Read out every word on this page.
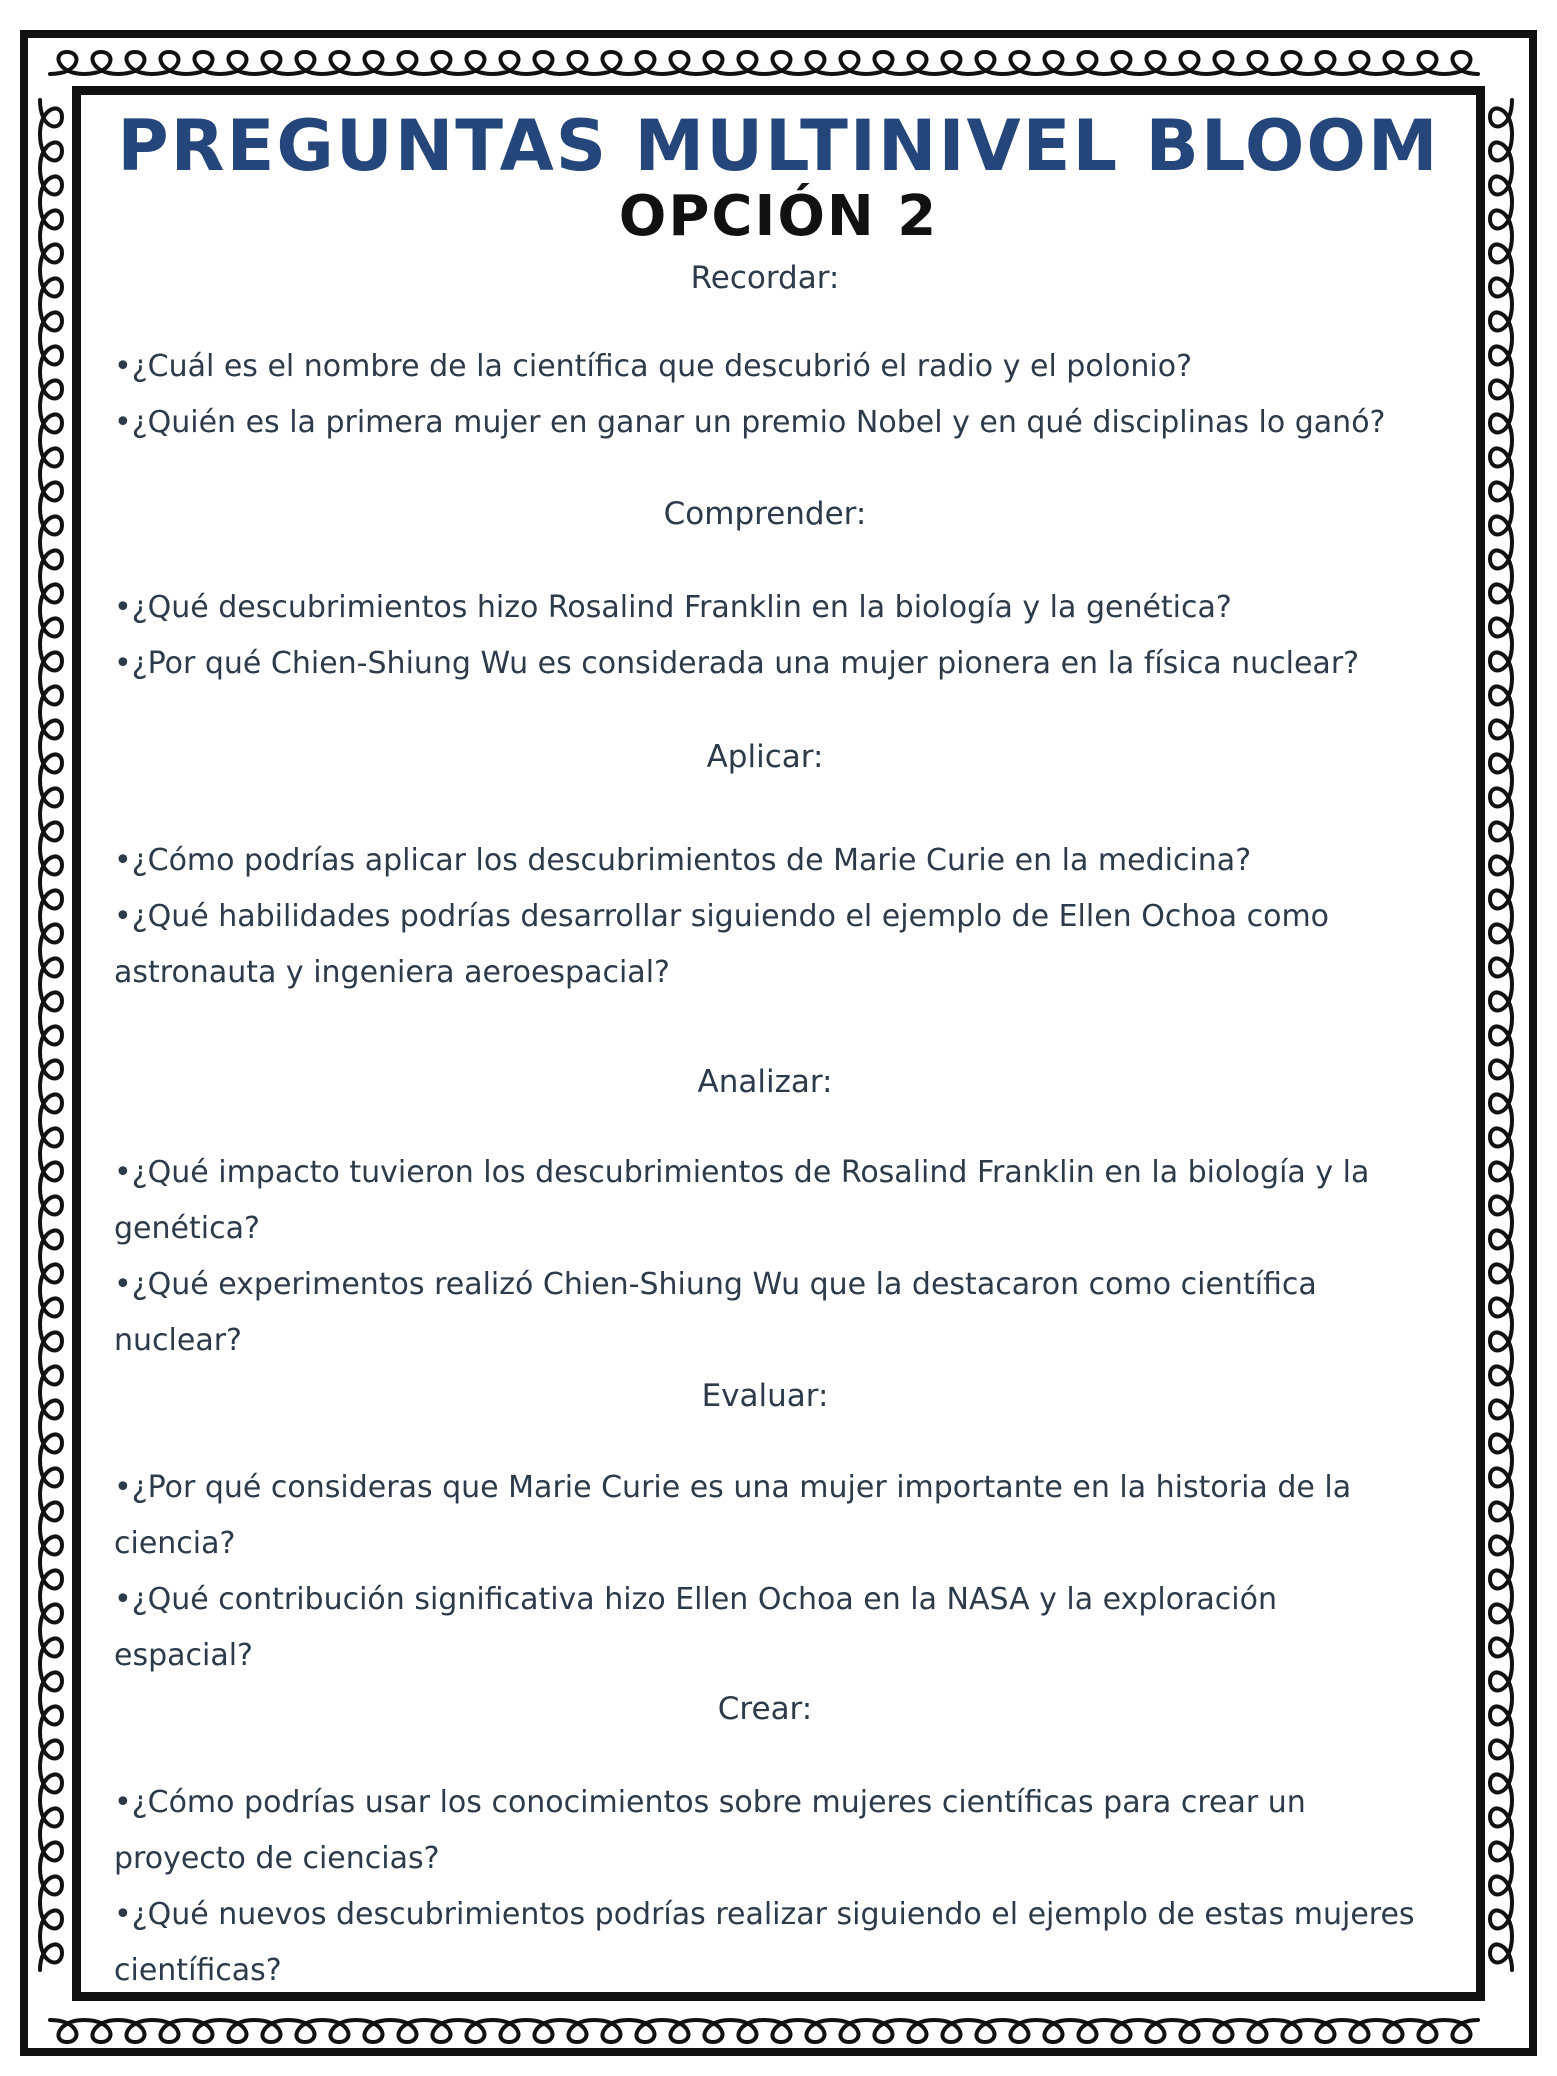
PREGUNTAS MULTINIVEL BLOOM
OPCIÓN 2
Recordar:
•¿Cuál es el nombre de la científica que descubrió el radio y el polonio?
•¿Quién es la primera mujer en ganar un premio Nobel y en qué disciplinas lo ganó?
Comprender:
•¿Qué descubrimientos hizo Rosalind Franklin en la biología y la genética?
•¿Por qué Chien-Shiung Wu es considerada una mujer pionera en la física nuclear?
Aplicar:
•¿Cómo podrías aplicar los descubrimientos de Marie Curie en la medicina?
•¿Qué habilidades podrías desarrollar siguiendo el ejemplo de Ellen Ochoa como
astronauta y ingeniera aeroespacial?
Analizar:
•¿Qué impacto tuvieron los descubrimientos de Rosalind Franklin en la biología y la
genética?
•¿Qué experimentos realizó Chien-Shiung Wu que la destacaron como científica
nuclear?
Evaluar:
•¿Por qué consideras que Marie Curie es una mujer importante en la historia de la
ciencia?
•¿Qué contribución significativa hizo Ellen Ochoa en la NASA y la exploración
espacial?
Crear:
•¿Cómo podrías usar los conocimientos sobre mujeres científicas para crear un
proyecto de ciencias?
•¿Qué nuevos descubrimientos podrías realizar siguiendo el ejemplo de estas mujeres
científicas?
